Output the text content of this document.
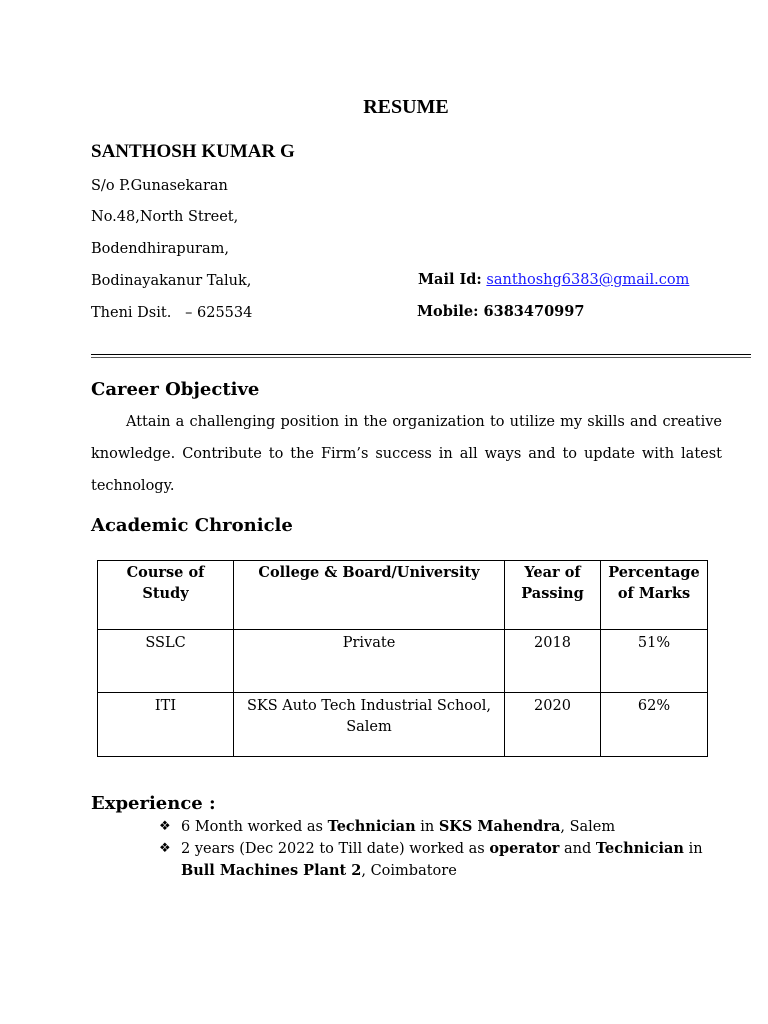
RESUME
SANTHOSH KUMAR G
S/o P.Gunasekaran
No.48,North Street,
Bodendhirapuram,
Bodinayakanur Taluk,
Theni Dsit.   – 625534
Mail Id: santhoshg6383@gmail.com
Mobile: 6383470997
Career Objective
Attain a challenging position in the organization to utilize my skills and creative knowledge. Contribute to the Firm’s success in all ways and to update with latest technology.
Academic Chronicle
Course of Study	College & Board/University	Year of Passing	Percentage of Marks
SSLC	Private	2018	51%
ITI	SKS Auto Tech Industrial School, Salem	2020	62%
Experience :
❖ 6 Month worked as Technician in SKS Mahendra, Salem
❖ 2 years (Dec 2022 to Till date) worked as operator and Technician in Bull Machines Plant 2, Coimbatore
